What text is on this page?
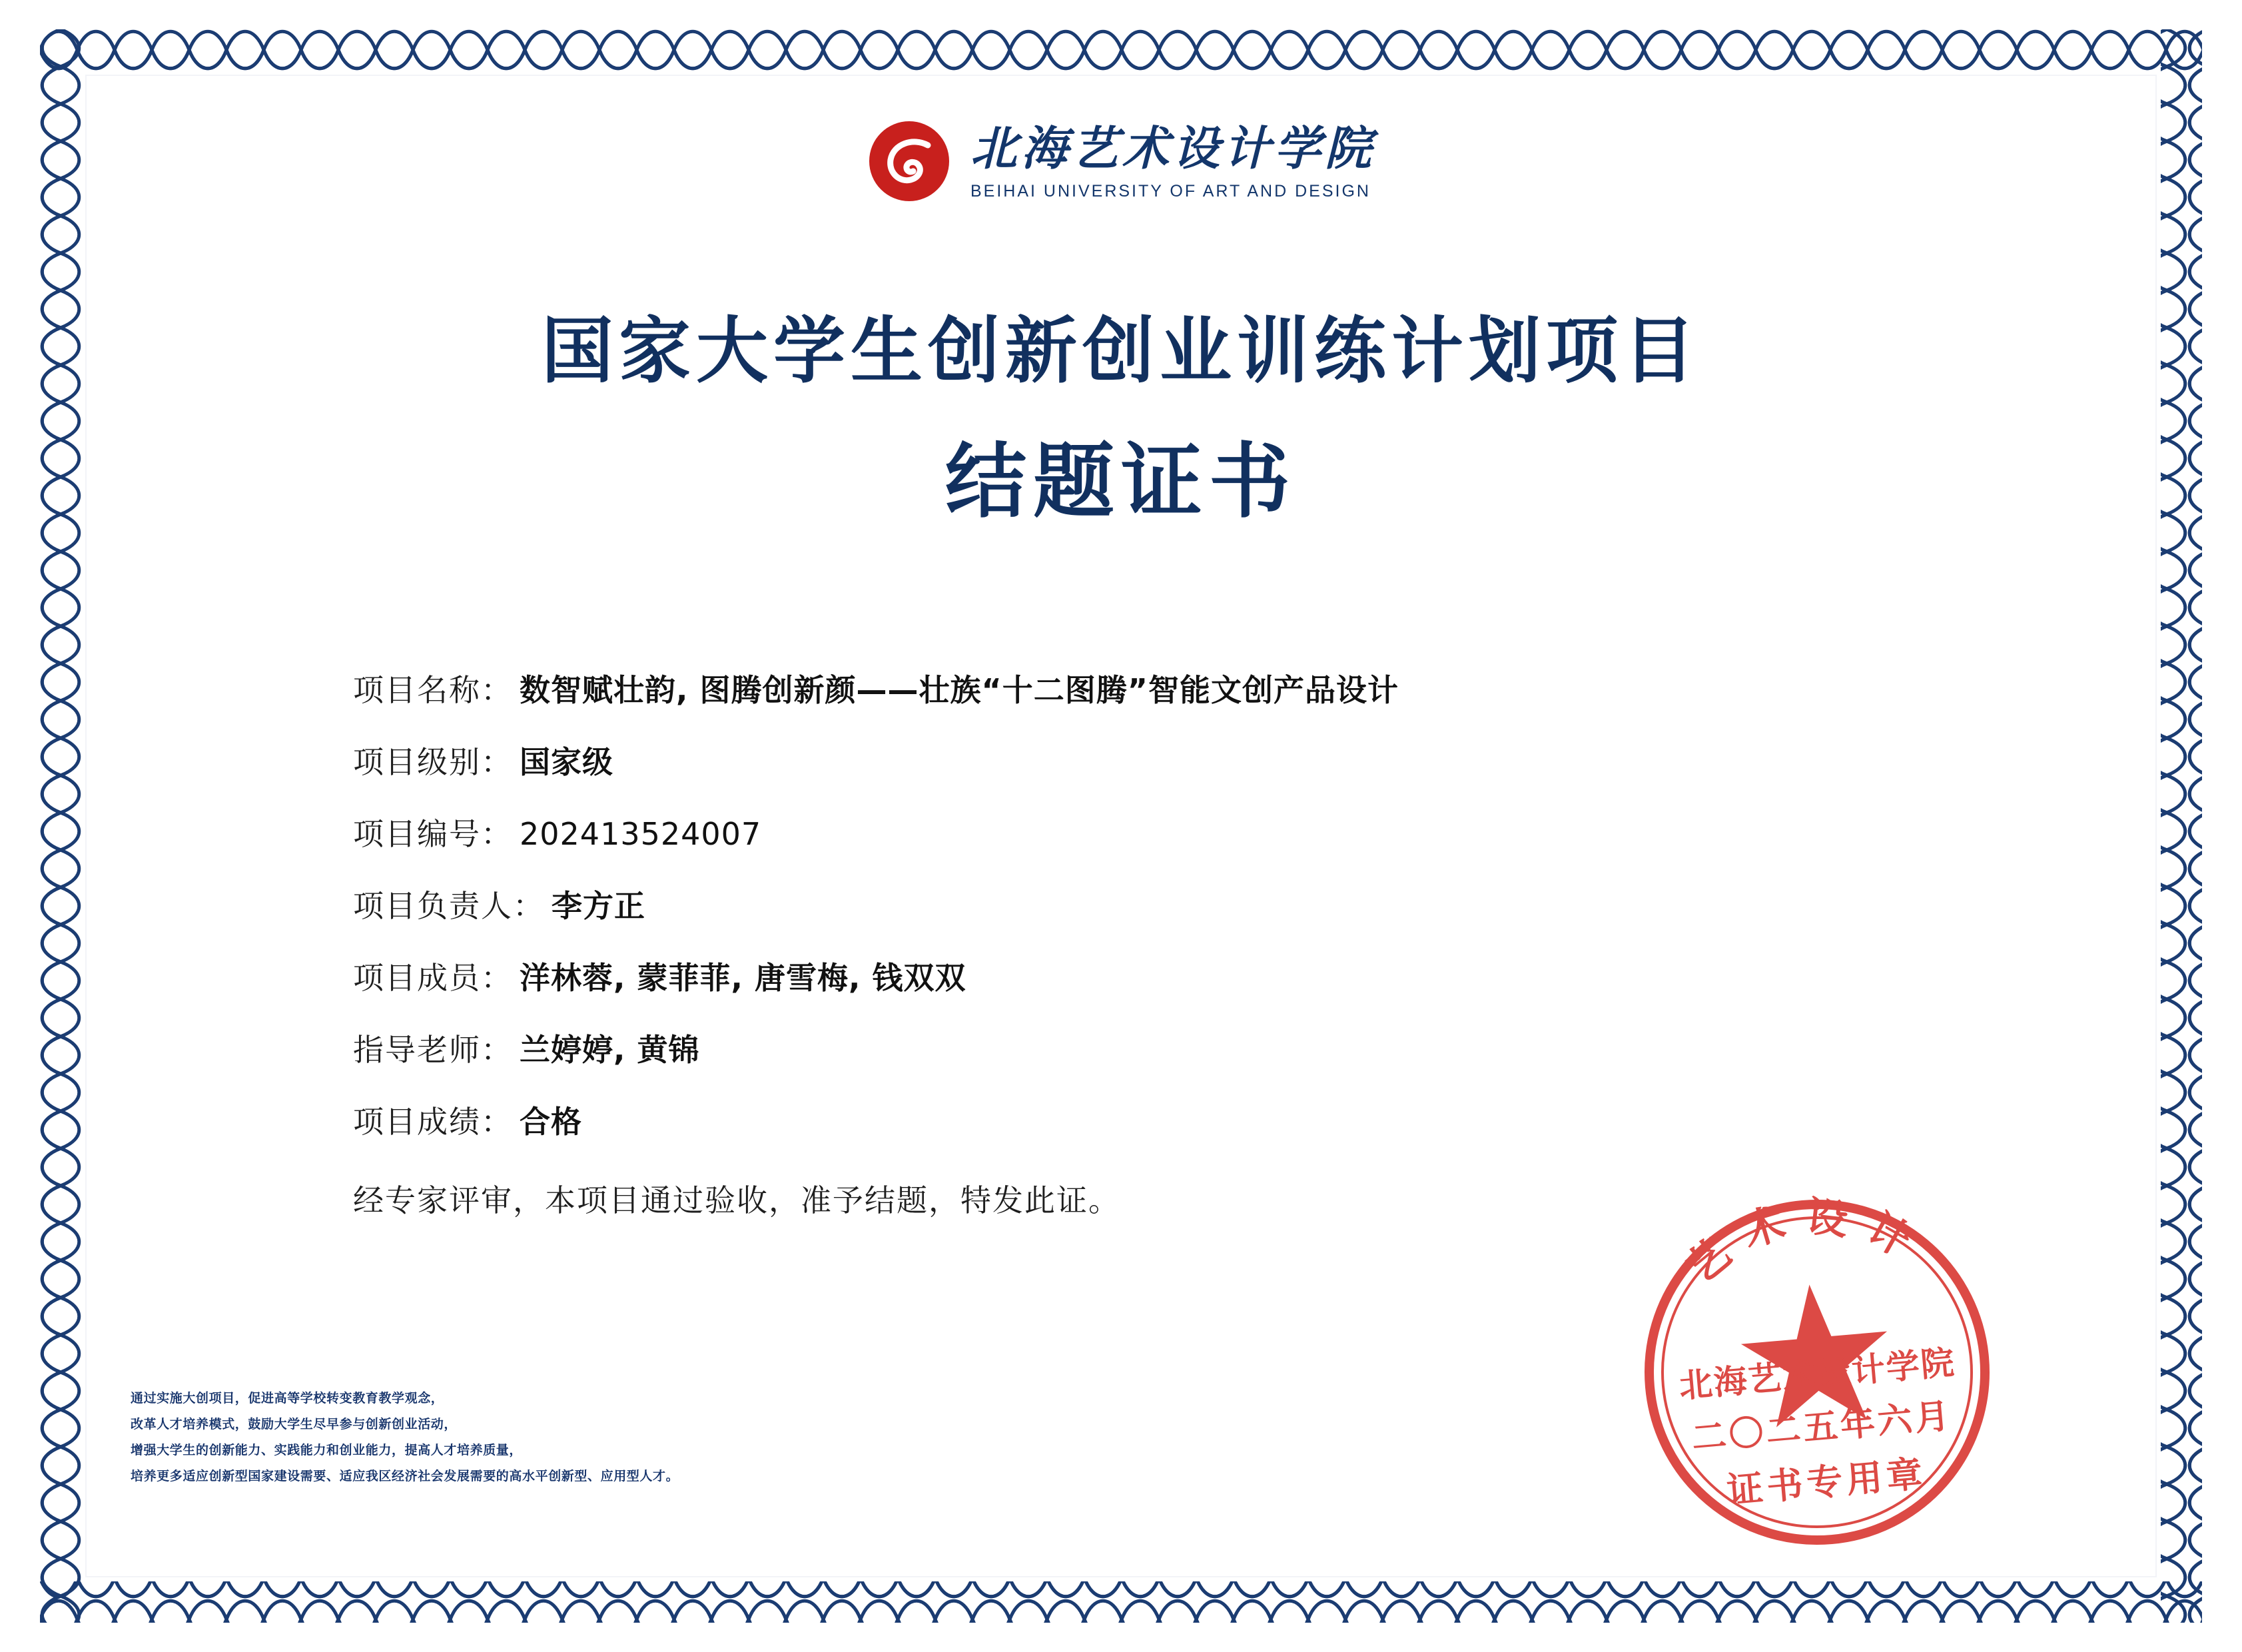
北海艺术设计学院
BEIHAI UNIVERSITY OF ART AND DESIGN
国家大学生创新创业训练计划项目
结题证书
项目名称： 数智赋壮韵, 图腾创新颜——壮族“十二图腾”智能文创产品设计
项目级别： 国家级
项目编号： 202413524007
项目负责人： 李方正
项目成员： 洋林蓉, 蒙菲菲, 唐雪梅, 钱双双
指导老师： 兰婷婷, 黄锦
项目成绩： 合格
经专家评审，本项目通过验收，准予结题，特发此证。
通过实施大创项目，促进高等学校转变教育教学观念，
改革人才培养模式，鼓励大学生尽早参与创新创业活动，
增强大学生的创新能力、实践能力和创业能力，提高人才培养质量，
培养更多适应创新型国家建设需要、适应我区经济社会发展需要的高水平创新型、应用型人才。
艺术设计
北海艺术设计学院
二〇二五年六月
证书专用章
